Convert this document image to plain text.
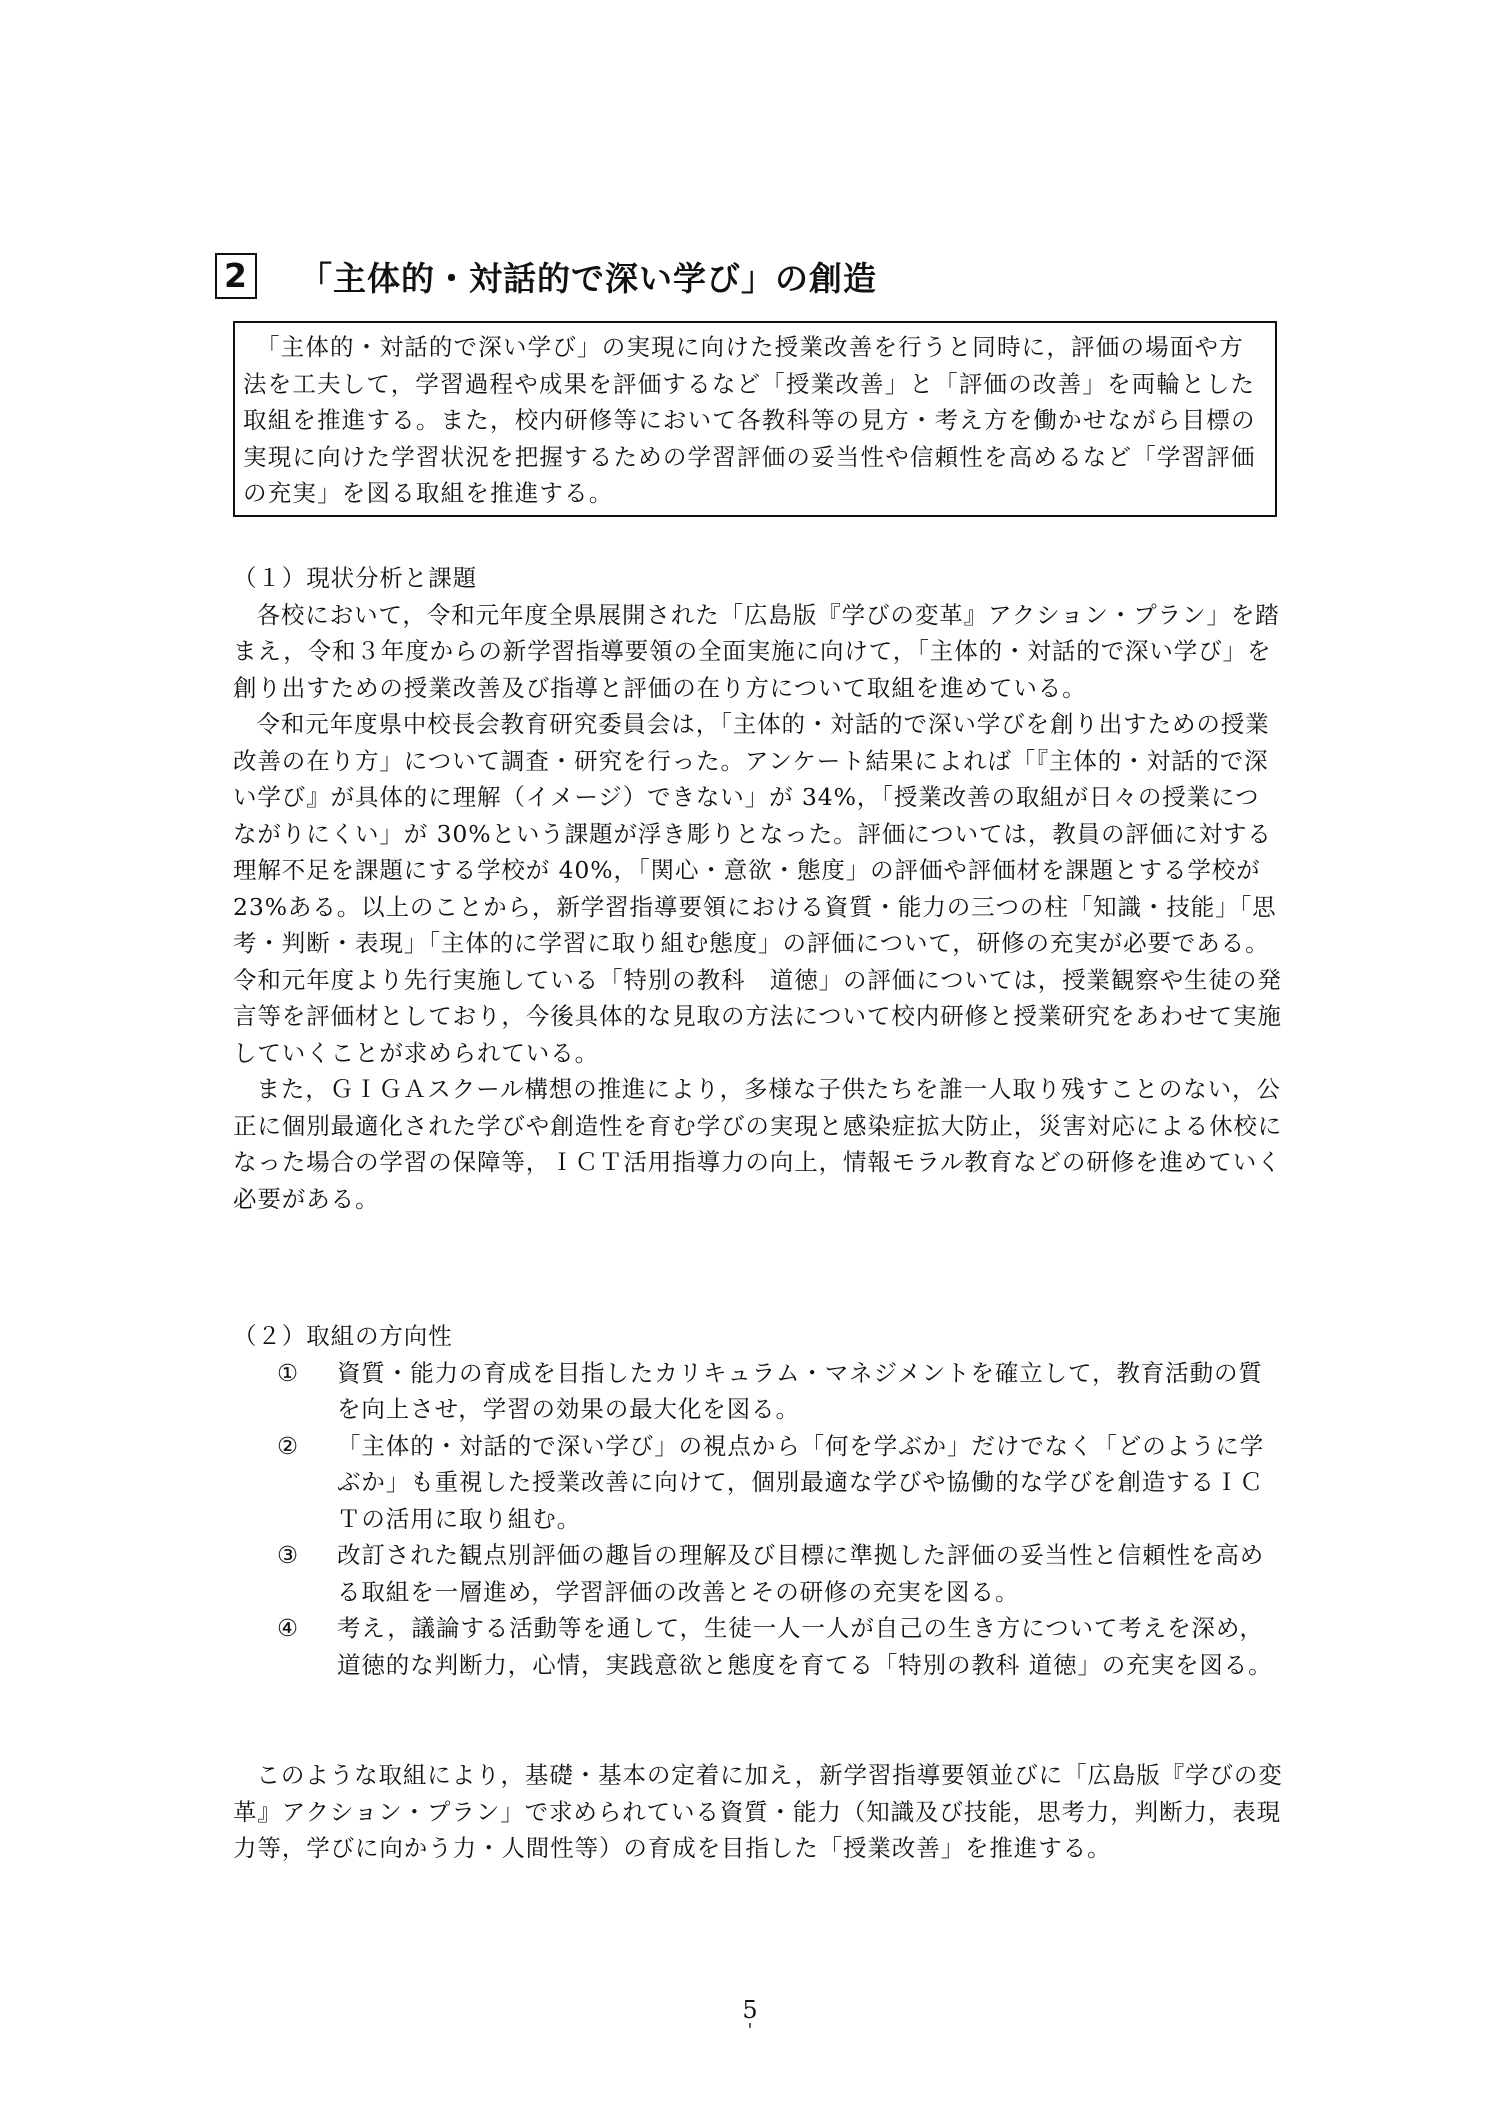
2 「主体的・対話的で深い学び」の創造

　「主体的・対話的で深い学び」の実現に向けた授業改善を行うと同時に，評価の場面や方法を工夫して，学習過程や成果を評価するなど「授業改善」と「評価の改善」を両輪とした取組を推進する。また，校内研修等において各教科等の見方・考え方を働かせながら目標の実現に向けた学習状況を把握するための学習評価の妥当性や信頼性を高めるなど「学習評価の充実」を図る取組を推進する。

（１）現状分析と課題

各校において，令和元年度全県展開された「広島版『学びの変革』アクション・プラン」を踏まえ，令和３年度からの新学習指導要領の全面実施に向けて，「主体的・対話的で深い学び」を創り出すための授業改善及び指導と評価の在り方について取組を進めている。

令和元年度県中校長会教育研究委員会は，「主体的・対話的で深い学びを創り出すための授業改善の在り方」について調査・研究を行った。アンケート結果によれば「『主体的・対話的で深い学び』が具体的に理解（イメージ）できない」が 34%，「授業改善の取組が日々の授業につながりにくい」が 30%という課題が浮き彫りとなった。評価については，教員の評価に対する理解不足を課題にする学校が 40%，「関心・意欲・態度」の評価や評価材を課題とする学校が 23%ある。以上のことから，新学習指導要領における資質・能力の三つの柱「知識・技能」「思考・判断・表現」「主体的に学習に取り組む態度」の評価について，研修の充実が必要である。令和元年度より先行実施している「特別の教科　道徳」の評価については，授業観察や生徒の発言等を評価材としており，今後具体的な見取の方法について校内研修と授業研究をあわせて実施していくことが求められている。

また，ＧＩＧＡスクール構想の推進により，多様な子供たちを誰一人取り残すことのない，公正に個別最適化された学びや創造性を育む学びの実現と感染症拡大防止，災害対応による休校になった場合の学習の保障等，ＩＣＴ活用指導力の向上，情報モラル教育などの研修を進めていく必要がある。

（２）取組の方向性

①	資質・能力の育成を目指したカリキュラム・マネジメントを確立して，教育活動の質を向上させ，学習の効果の最大化を図る。
②	「主体的・対話的で深い学び」の視点から「何を学ぶか」だけでなく「どのように学ぶか」も重視した授業改善に向けて，個別最適な学びや協働的な学びを創造するＩＣＴの活用に取り組む。
③	改訂された観点別評価の趣旨の理解及び目標に準拠した評価の妥当性と信頼性を高める取組を一層進め，学習評価の改善とその研修の充実を図る。
④	考え，議論する活動等を通して，生徒一人一人が自己の生き方について考えを深め，道徳的な判断力，心情，実践意欲と態度を育てる「特別の教科 道徳」の充実を図る。

このような取組により，基礎・基本の定着に加え，新学習指導要領並びに「広島版『学びの変革』アクション・プラン」で求められている資質・能力（知識及び技能，思考力，判断力，表現力等，学びに向かう力・人間性等）の育成を目指した「授業改善」を推進する。

5
'
